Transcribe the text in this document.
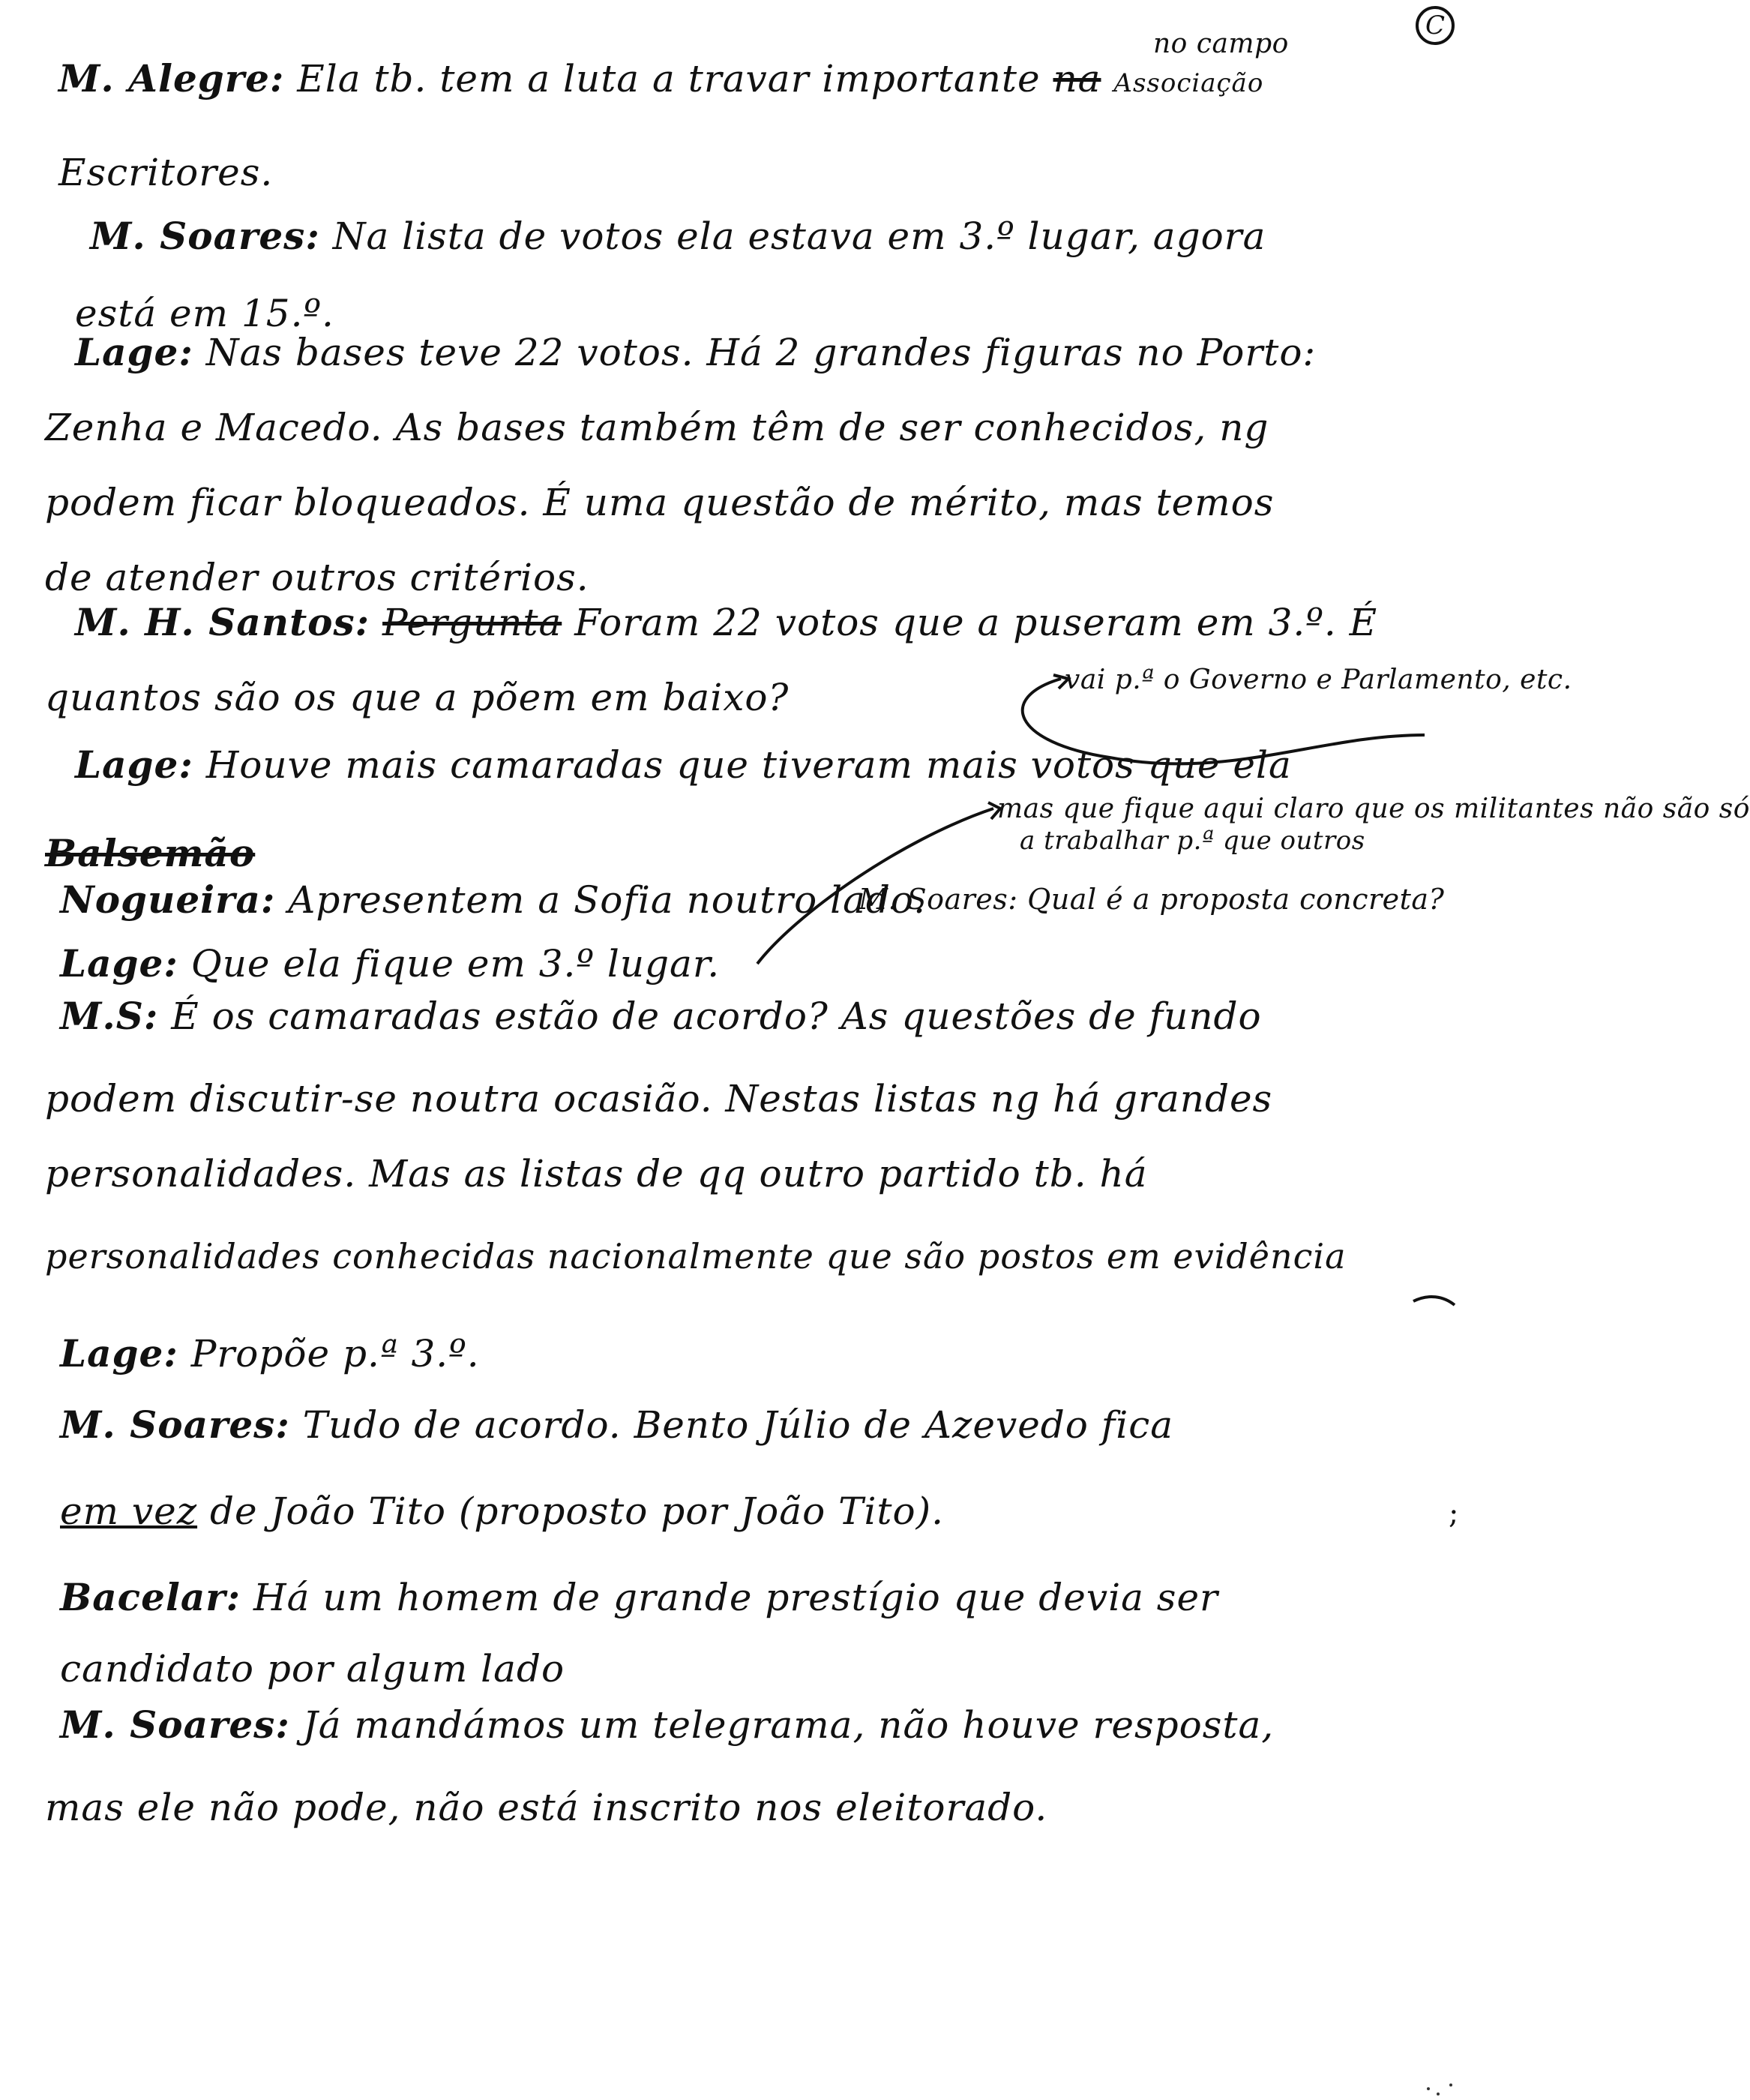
C
no campo
M. Alegre: Ela tb. tem a luta a travar importante na Associação
Escritores.
M. Soares: Na lista de votos ela estava em 3.º lugar, agora
está em 15.º.
Lage: Nas bases teve 22 votos. Há 2 grandes figuras no Porto:
Zenha e Macedo. As bases também têm de ser conhecidos, ng
podem ficar bloqueados. É uma questão de mérito, mas temos
de atender outros critérios.
M. H. Santos: Pergunta Foram 22 votos que a puseram em 3.º. É
quantos são os que a põem em baixo?	vai p.ª o Governo e Parlamento, etc.
Lage: Houve mais camaradas que tiveram mais votos que ela
mas que fique aqui claro que os militantes não são só
a trabalhar p.ª que outros
Balsemão
Nogueira: Apresentem a Sofia noutro lado.
M. Soares: Qual é a proposta concreta?
Lage: Que ela fique em 3.º lugar.
M.S: É os camaradas estão de acordo? As questões de fundo
podem discutir-se noutra ocasião. Nestas listas ng há grandes
personalidades. Mas as listas de qq outro partido tb. há
personalidades conhecidas nacionalmente que são postos em evidência
Lage: Propõe p.ª 3.º.
M. Soares: Tudo de acordo. Bento Júlio de Azevedo fica
em vez de João Tito (proposto por João Tito).	;
Bacelar: Há um homem de grande prestígio que devia ser
candidato por algum lado
M. Soares: Já mandámos um telegrama, não houve resposta,
mas ele não pode, não está inscrito nos eleitorado.
